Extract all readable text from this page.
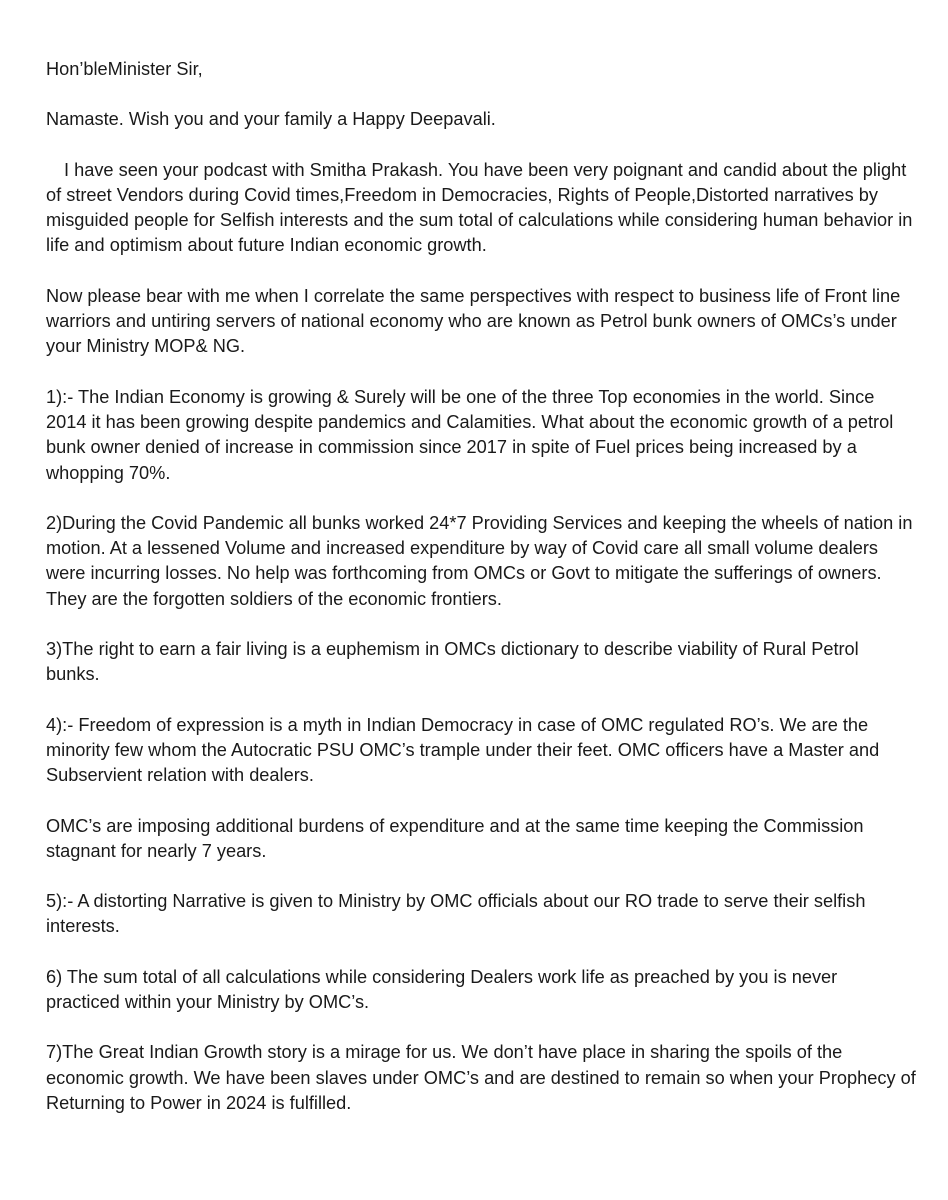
Hon’bleMinister Sir,

Namaste. Wish you and your family a Happy Deepavali.

I have seen your podcast with Smitha Prakash. You have been very poignant and candid about the plight of street Vendors during Covid times,Freedom in Democracies, Rights of People,Distorted narratives by misguided people for Selfish interests and the sum total of calculations while considering human behavior in life and optimism about future Indian economic growth.

Now please bear with me when I correlate the same perspectives with respect to business life of Front line warriors and untiring servers of national economy who are known as Petrol bunk owners of OMCs’s under your Ministry MOP& NG.

1):- The Indian Economy is growing & Surely will be one of the three Top economies in the world. Since 2014 it has been growing despite pandemics and Calamities. What about the economic growth of a petrol bunk owner denied of increase in commission since 2017 in spite of Fuel prices being increased by a whopping 70%.

2)During the Covid Pandemic all bunks worked 24*7 Providing Services and keeping the wheels of nation in motion. At a lessened Volume and increased expenditure by way of Covid care all small volume dealers were incurring losses. No help was forthcoming from OMCs or Govt to mitigate the sufferings of owners. They are the forgotten soldiers of the economic frontiers.

3)The right to earn a fair living is a euphemism in OMCs dictionary to describe viability of Rural Petrol bunks.

4):- Freedom of expression is a myth in Indian Democracy in case of OMC regulated RO’s. We are the minority few whom the Autocratic PSU OMC’s trample under their feet. OMC officers have a Master and Subservient relation with dealers.

OMC’s are imposing additional burdens of expenditure and at the same time keeping the Commission stagnant for nearly 7 years.

5):- A distorting Narrative is given to Ministry by OMC officials about our RO trade to serve their selfish interests.

6) The sum total of all calculations while considering Dealers work life as preached by you is never practiced within your Ministry by OMC’s.

7)The Great Indian Growth story is a mirage for us. We don’t have place in sharing the spoils of the economic growth. We have been slaves under OMC’s and are destined to remain so when your Prophecy of Returning to Power in 2024 is fulfilled.
